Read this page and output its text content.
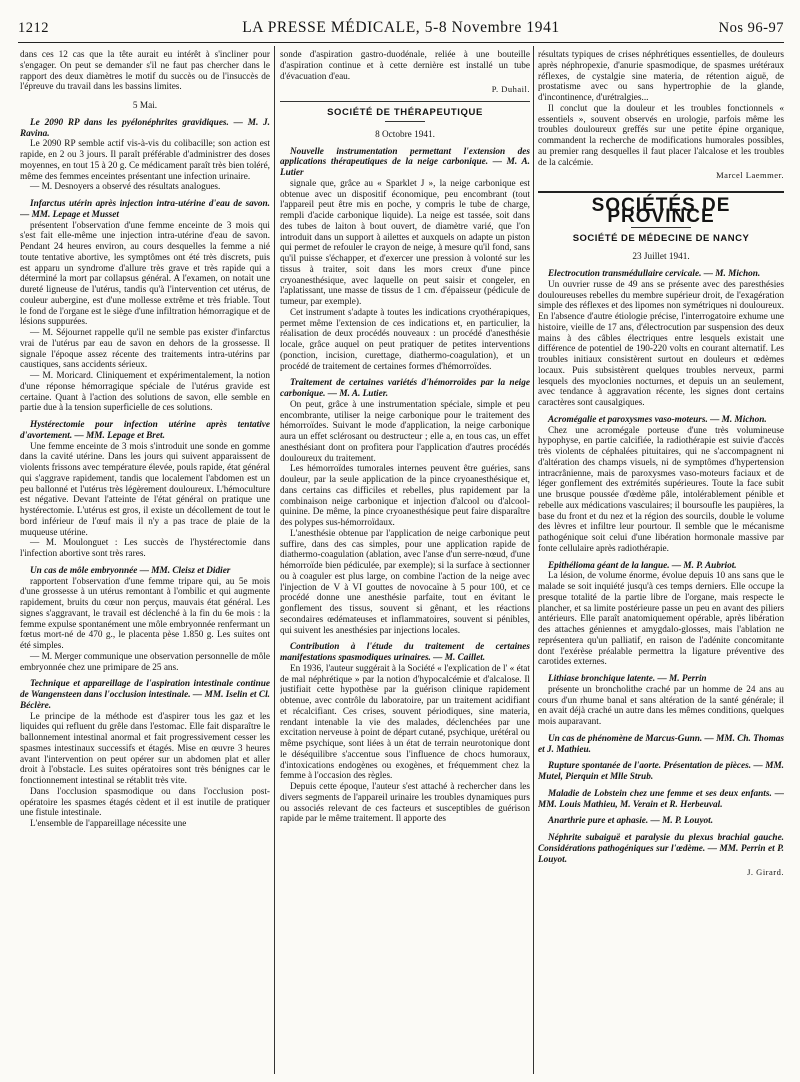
1212	LA PRESSE MÉDICALE, 5-8 Novembre 1941	Nos 96-97

dans ces 12 cas que la tête aurait eu intérêt à s'incliner pour s'engager. On peut se demander s'il ne faut pas chercher dans le rapport des deux diamètres le motif du succès ou de l'insuccès de l'épreuve du travail dans les bassins limites.

5 Mai.

Le 2090 RP dans les pyélonéphrites gravidiques. — M. J. Ravina.

Le 2090 RP semble actif vis-à-vis du colibacille; son action est rapide, en 2 ou 3 jours. Il paraît préférable d'administrer des doses moyennes, en tout 15 à 20 g. Ce médicament paraît très bien toléré, même des femmes enceintes présentant une infection urinaire.

— M. Desnoyers a observé des résultats analogues.

Infarctus utérin après injection intra-utérine d'eau de savon. — MM. Lepage et Musset

présentent l'observation d'une femme enceinte de 3 mois qui s'est fait elle-même une injection intra-utérine d'eau de savon. Pendant 24 heures environ, au cours desquelles la femme a nié toute tentative abortive, les symptômes ont été très discrets, puis est apparu un syndrome d'allure très grave et très rapide qui a déterminé la mort par collapsus général. A l'examen, on notait une dureté ligneuse de l'utérus, tandis qu'à l'intervention cet utérus, de couleur aubergine, est d'une mollesse extrême et très friable. Tout le fond de l'organe est le siège d'une infiltration hémorragique et de lésions suppurées.

— M. Séjournet rappelle qu'il ne semble pas exister d'infarctus vrai de l'utérus par eau de savon en dehors de la grossesse. Il signale l'époque assez récente des traitements intra-utérins par caustiques, sans accidents sérieux.

— M. Moricard. Cliniquement et expérimentalement, la notion d'une réponse hémorragique spéciale de l'utérus gravide est certaine. Quant à l'action des solutions de savon, elle semble en partie due à la tension superficielle de ces solutions.

Hystérectomie pour infection utérine après tentative d'avortement. — MM. Lepage et Bret.

Une femme enceinte de 3 mois s'introduit une sonde en gomme dans la cavité utérine. Dans les jours qui suivent apparaissent de violents frissons avec température élevée, pouls rapide, état général qui s'aggrave rapidement, tandis que localement l'abdomen est un peu ballonné et l'utérus très légèrement douloureux. L'hémoculture est négative. Devant l'atteinte de l'état général on pratique une hystérectomie. L'utérus est gros, il existe un décollement de tout le bord inférieur de l'œuf mais il n'y a pas trace de plaie de la muqueuse utérine.

— M. Moulonguet : Les succès de l'hystérectomie dans l'infection abortive sont très rares.

Un cas de môle embryonnée — MM. Cleisz et Didier

rapportent l'observation d'une femme tripare qui, au 5e mois d'une grossesse à un utérus remontant à l'ombilic et qui augmente rapidement, bruits du cœur non perçus, mauvais état général. Les signes s'aggravant, le travail est déclenché à la fin du 6e mois : la femme expulse spontanément une môle embryonnée renfermant un fœtus mort-né de 470 g., le placenta pèse 1.850 g. Les suites ont été simples.

— M. Merger communique une observation personnelle de môle embryonnée chez une primipare de 25 ans.

Technique et appareillage de l'aspiration intestinale continue de Wangensteen dans l'occlusion intestinale. — MM. Iselin et Cl. Béclère.

Le principe de la méthode est d'aspirer tous les gaz et les liquides qui refluent du grêle dans l'estomac. Elle fait disparaître le ballonnement intestinal anormal et fait progressivement cesser les spasmes intestinaux successifs et étagés. Mise en œuvre 3 heures avant l'intervention on peut opérer sur un abdomen plat et aller droit à l'obstacle. Les suites opératoires sont très bénignes car le fonctionnement intestinal se rétablit très vite.

Dans l'occlusion spasmodique ou dans l'occlusion post-opératoire les spasmes étagés cèdent et il est inutile de pratiquer une fistule intestinale.

L'ensemble de l'appareillage nécessite une

sonde d'aspiration gastro-duodénale, reliée à une bouteille d'aspiration continue et à cette dernière est installé un tube d'évacuation d'eau.

P. Duhail.

SOCIÉTÉ DE THÉRAPEUTIQUE

8 Octobre 1941.

Nouvelle instrumentation permettant l'extension des applications thérapeutiques de la neige carbonique. — M. A. Lutier

signale que, grâce au « Sparklet J », la neige carbonique est obtenue avec un dispositif économique, peu encombrant (tout l'appareil peut être mis en poche, y compris le tube de charge, rempli d'acide carbonique liquide). La neige est tassée, soit dans des tubes de laiton à bout ouvert, de diamètre varié, que l'on introduit dans un support à ailettes et auxquels on adapte un piston qui permet de refouler le crayon de neige, à mesure qu'il fond, sans qu'il puisse s'échapper, et d'exercer une pression à volonté sur les tissus à traiter, soit dans les mors creux d'une pince cryoanesthésique, avec laquelle on peut saisir et congeler, en l'aplatissant, une masse de tissus de 1 cm. d'épaisseur (pédicule de tumeur, par exemple).

Cet instrument s'adapte à toutes les indications cryothérapiques, permet même l'extension de ces indications et, en particulier, la réalisation de deux procédés nouveaux : un procédé d'anesthésie locale, grâce auquel on peut pratiquer de petites interventions (ponction, incision, curettage, diathermo-coagulation), et un procédé de traitement de certaines formes d'hémorroïdes.

Traitement de certaines variétés d'hémorroïdes par la neige carbonique. — M. A. Lutier.

On peut, grâce à une instrumentation spéciale, simple et peu encombrante, utiliser la neige carbonique pour le traitement des hémorroïdes. Suivant le mode d'application, la neige carbonique aura un effet sclérosant ou destructeur ; elle a, en tous cas, un effet anesthésiant dont on profitera pour l'application d'autres procédés douloureux du traitement.

Les hémorroïdes tumorales internes peuvent être guéries, sans douleur, par la seule application de la pince cryoanesthésique et, dans certains cas difficiles et rebelles, plus rapidement par la combinaison neige carbonique et injection d'alcool ou d'alcool-quinine. De même, la pince cryoanesthésique peut faire disparaître des polypes sus-hémorroïdaux.

L'anesthésie obtenue par l'application de neige carbonique peut suffire, dans des cas simples, pour une application rapide de diathermo-coagulation (ablation, avec l'anse d'un serre-nœud, d'une hémorroïde bien pédiculée, par exemple); si la surface à sectionner ou à coaguler est plus large, on combine l'action de la neige avec l'injection de V à VI gouttes de novocaïne à 5 pour 100, et ce procédé donne une anesthésie parfaite, tout en évitant le gonflement des tissus, souvent si gênant, et les réactions secondaires œdémateuses et inflammatoires, souvent si pénibles, qui suivent les anesthésies par injections locales.

Contribution à l'étude du traitement de certaines manifestations spasmodiques urinaires. — M. Caillet.

En 1936, l'auteur suggérait à la Société « l'explication de l' « état de mal néphrétique » par la notion d'hypocalcémie et d'alcalose. Il justifiait cette hypothèse par la guérison clinique rapidement obtenue, avec contrôle du laboratoire, par un traitement acidifiant et récalcifiant. Ces crises, souvent périodiques, sine materia, rendant intenable la vie des malades, déclenchées par une excitation nerveuse à point de départ cutané, psychique, urétéral ou même psychique, sont liées à un état de terrain neurotonique dont le déséquilibre s'accentue sous l'influence de chocs humoraux, d'intoxications endogènes ou exogènes, et fréquemment chez la femme à l'occasion des règles.

Depuis cette époque, l'auteur s'est attaché à rechercher dans les divers segments de l'appareil urinaire les troubles dynamiques purs ou associés relevant de ces facteurs et susceptibles de guérison rapide par le même traitement. Il apporte des

résultats typiques de crises néphrétiques essentielles, de douleurs après néphropexie, d'anurie spasmodique, de spasmes urétéraux réflexes, de cystalgie sine materia, de rétention aiguë, de prostatisme avec ou sans hypertrophie de la glande, d'incontinence, d'urétralgies...

Il conclut que la douleur et les troubles fonctionnels « essentiels », souvent observés en urologie, parfois même les troubles douloureux greffés sur une petite épine organique, commandent la recherche de modifications humorales possibles, au premier rang desquelles il faut placer l'alcalose et les troubles de la calcémie.

Marcel Laemmer.

SOCIÉTÉS DE PROVINCE
SOCIÉTÉ DE MÉDECINE DE NANCY

23 Juillet 1941.

Electrocution transmédullaire cervicale. — M. Michon.

Un ouvrier russe de 49 ans se présente avec des paresthésies douloureuses rebelles du membre supérieur droit, de l'exagération simple des réflexes et des lipomes non symétriques ni douloureux. En l'absence d'autre étiologie précise, l'interrogatoire exhume une histoire, vieille de 17 ans, d'électrocution par suspension des deux mains à des câbles électriques entre lesquels existait une différence de potentiel de 190-220 volts en courant alternatif. Les troubles initiaux consistèrent surtout en douleurs et œdèmes locaux. Puis subsistèrent quelques troubles nerveux, parmi lesquels des myoclonies nocturnes, et depuis un an seulement, avec tendance à aggravation récente, les signes dont certains caractères sont causalgiques.

Acromégalie et paroxysmes vaso-moteurs. — M. Michon.

Chez une acromégale porteuse d'une très volumineuse hypophyse, en partie calcifiée, la radiothérapie est suivie d'accès très violents de céphalées pituitaires, qui ne s'accompagnent ni d'altération des champs visuels, ni de symptômes d'hypertension intracrânienne, mais de paroxysmes vaso-moteurs faciaux et de léger gonflement des extrémités supérieures. Toute la face subit une brusque poussée d'œdème pâle, intolérablement pénible et rebelle aux médications vasculaires; il boursoufle les paupières, la base du front et du nez et la région des sourcils, double le volume des lèvres et infiltre leur pourtour. Il semble que le mécanisme pathogénique soit celui d'une libération hormonale massive par fonte cellulaire après radiothérapie.

Epithélioma géant de la langue. — M. P. Aubriot.

La lésion, de volume énorme, évolue depuis 10 ans sans que le malade se soit inquiété jusqu'à ces temps derniers. Elle occupe la presque totalité de la partie libre de l'organe, mais respecte le plancher, et sa limite postérieure passe un peu en avant des piliers antérieurs. Elle paraît anatomiquement opérable, après libération des attaches géniennes et amygdalo-glosses, mais l'ablation ne représentera qu'un palliatif, en raison de l'adénite concomitante dont l'exérèse préalable permettra la ligature préventive des carotides externes.

Lithiase bronchique latente. — M. Perrin

présente un broncholithe craché par un homme de 24 ans au cours d'un rhume banal et sans altération de la santé générale; il en avait déjà craché un autre dans les mêmes conditions, quelques mois auparavant.

Un cas de phénomène de Marcus-Gunn. — MM. Ch. Thomas et J. Mathieu.

Rupture spontanée de l'aorte. Présentation de pièces. — MM. Mutel, Pierquin et Mlle Strub.

Maladie de Lobstein chez une femme et ses deux enfants. — MM. Louis Mathieu, M. Verain et R. Herbeuval.

Anarthrie pure et aphasie. — M. P. Louyot.

Néphrite subaiguë et paralysie du plexus brachial gauche. Considérations pathogéniques sur l'œdème. — MM. Perrin et P. Louyot.

J. Girard.
